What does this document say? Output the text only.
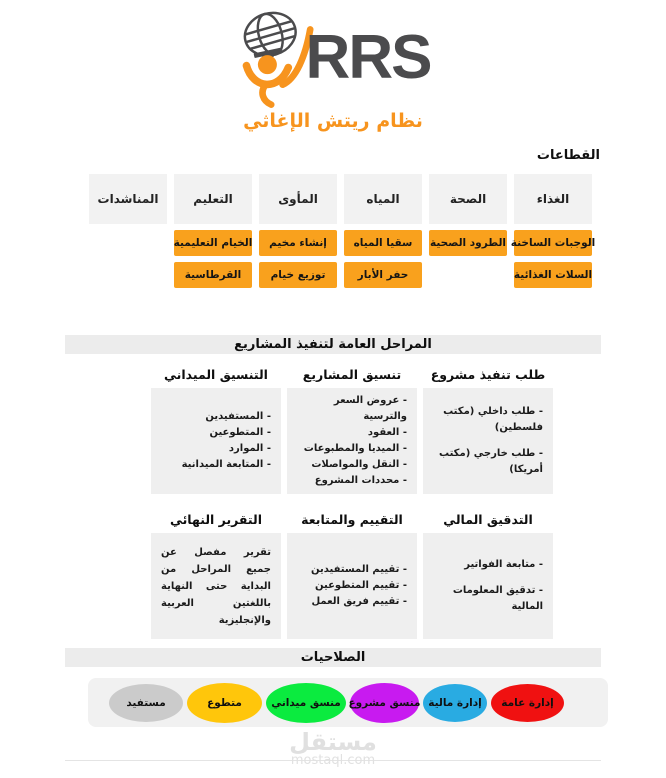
RRS
نظام ريتش الإغاثي
القطاعات
الغذاء
الصحة
المياه
المأوى
التعليم
المناشدات
الوجبات الساخنة
الطرود الصحية
سقيا المياه
إنشاء مخيم
الخيام التعليمية
السلات الغذائية
حفر الأبار
توزيع خيام
القرطاسية
المراحل العامة لتنفيذ المشاريع
طلب تنفيذ مشروع
- طلب داخلي (مكتب فلسطين)
- طلب خارجي (مكتب أمريكا)
تنسيق المشاريع
- عروض السعر والترسية
- العقود
- الميديا والمطبوعات
- النقل والمواصلات
- محددات المشروع
التنسيق الميداني
- المستفيدين
- المتطوعين
- الموارد
- المتابعة الميدانية
التدقيق المالي
- متابعة الفواتير
- تدقيق المعلومات المالية
التقييم والمتابعة
- تقييم المستفيدين
- تقييم المتطوعين
- تقييم فريق العمل
التقرير النهائي
تقرير مفصل عن جميع المراحل من البداية حتى النهاية باللغتين العربية والإنجليزية
الصلاحيات
إدارة عامة
إدارة مالية
منسق مشروع
منسق ميداني
متطوع
مستفيد
مستقل
mostaql.com
